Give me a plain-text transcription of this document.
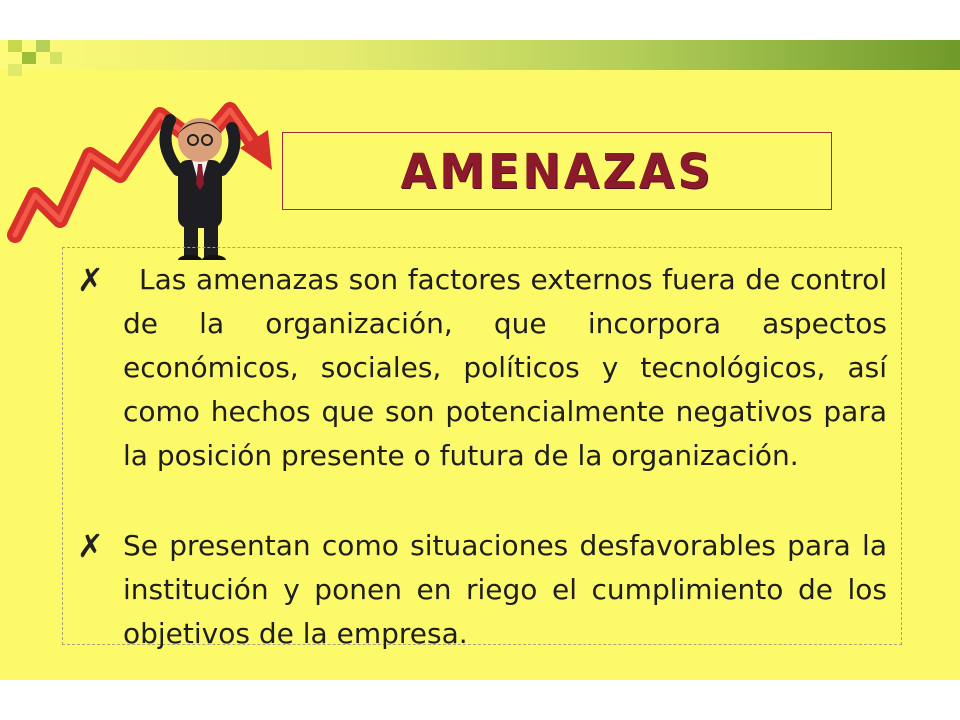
AMENAZAS
✗	Las amenazas son factores externos fuera de control de la organización, que incorpora aspectos económicos, sociales, políticos y tecnológicos, así como hechos que son potencialmente negativos para la posición presente o futura de la organización.
✗ Se presentan como situaciones desfavorables para la institución y ponen en riego el cumplimiento de los objetivos de la empresa.
